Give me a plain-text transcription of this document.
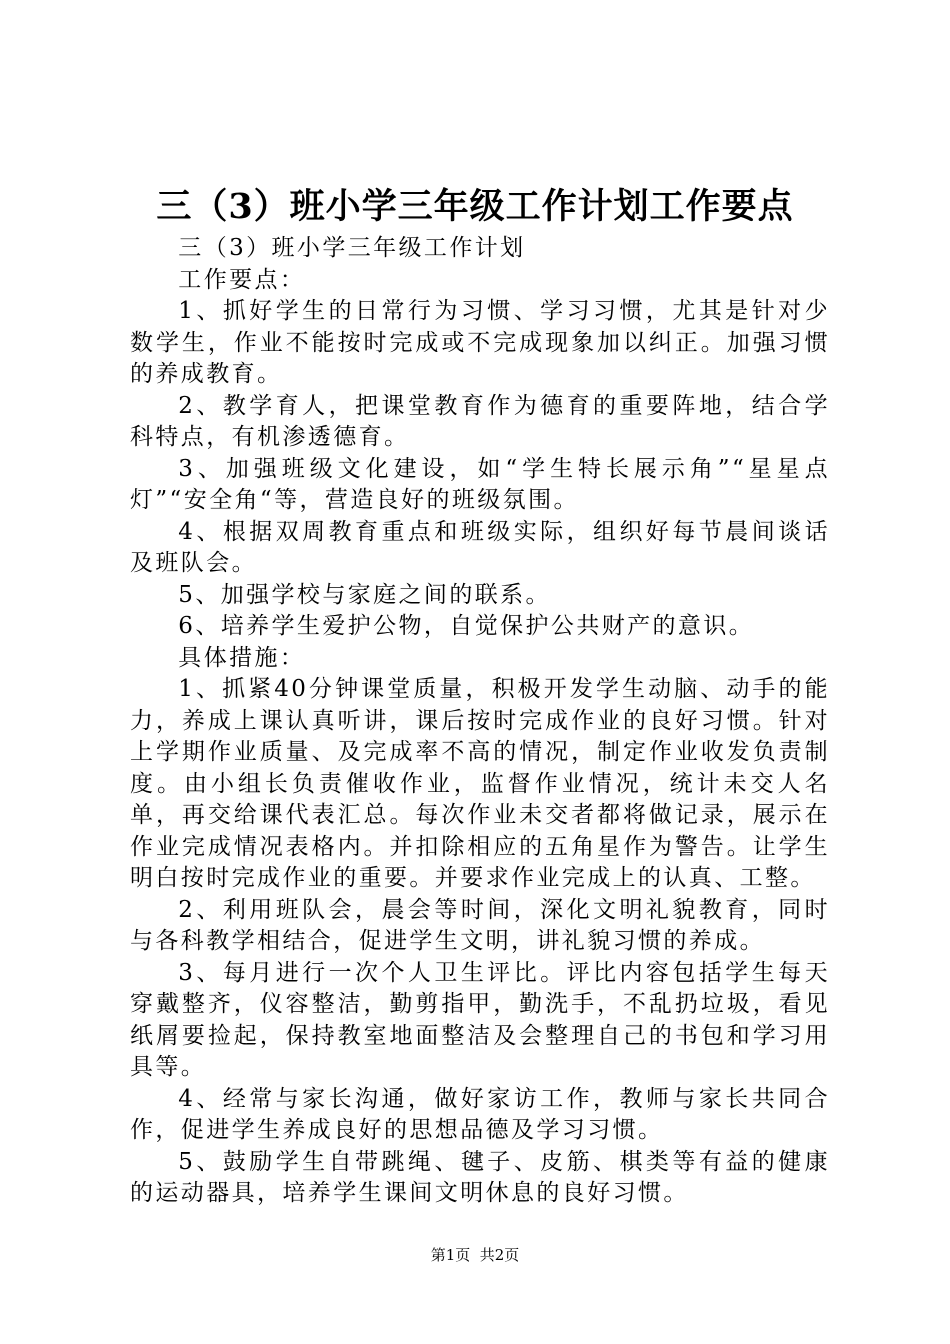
三（3）班小学三年级工作计划工作要点

三（3）班小学三年级工作计划

工作要点：

1、抓好学生的日常行为习惯、学习习惯，尤其是针对少数学生，作业不能按时完成或不完成现象加以纠正。加强习惯的养成教育。

2、教学育人，把课堂教育作为德育的重要阵地，结合学科特点，有机渗透德育。

3、加强班级文化建设，如“学生特长展示角”“星星点灯”“安全角“等，营造良好的班级氛围。

4、根据双周教育重点和班级实际，组织好每节晨间谈话及班队会。

5、加强学校与家庭之间的联系。

6、培养学生爱护公物，自觉保护公共财产的意识。

具体措施：

1、抓紧40分钟课堂质量，积极开发学生动脑、动手的能力，养成上课认真听讲，课后按时完成作业的良好习惯。针对上学期作业质量、及完成率不高的情况，制定作业收发负责制度。由小组长负责催收作业，监督作业情况，统计未交人名单，再交给课代表汇总。每次作业未交者都将做记录，展示在作业完成情况表格内。并扣除相应的五角星作为警告。让学生明白按时完成作业的重要。并要求作业完成上的认真、工整。

2、利用班队会，晨会等时间，深化文明礼貌教育，同时与各科教学相结合，促进学生文明，讲礼貌习惯的养成。

3、每月进行一次个人卫生评比。评比内容包括学生每天穿戴整齐，仪容整洁，勤剪指甲，勤洗手，不乱扔垃圾，看见纸屑要捡起，保持教室地面整洁及会整理自己的书包和学习用具等。

4、经常与家长沟通，做好家访工作，教师与家长共同合作，促进学生养成良好的思想品德及学习习惯。

5、鼓励学生自带跳绳、毽子、皮筋、棋类等有益的健康的运动器具，培养学生课间文明休息的良好习惯。

第1页  共2页
